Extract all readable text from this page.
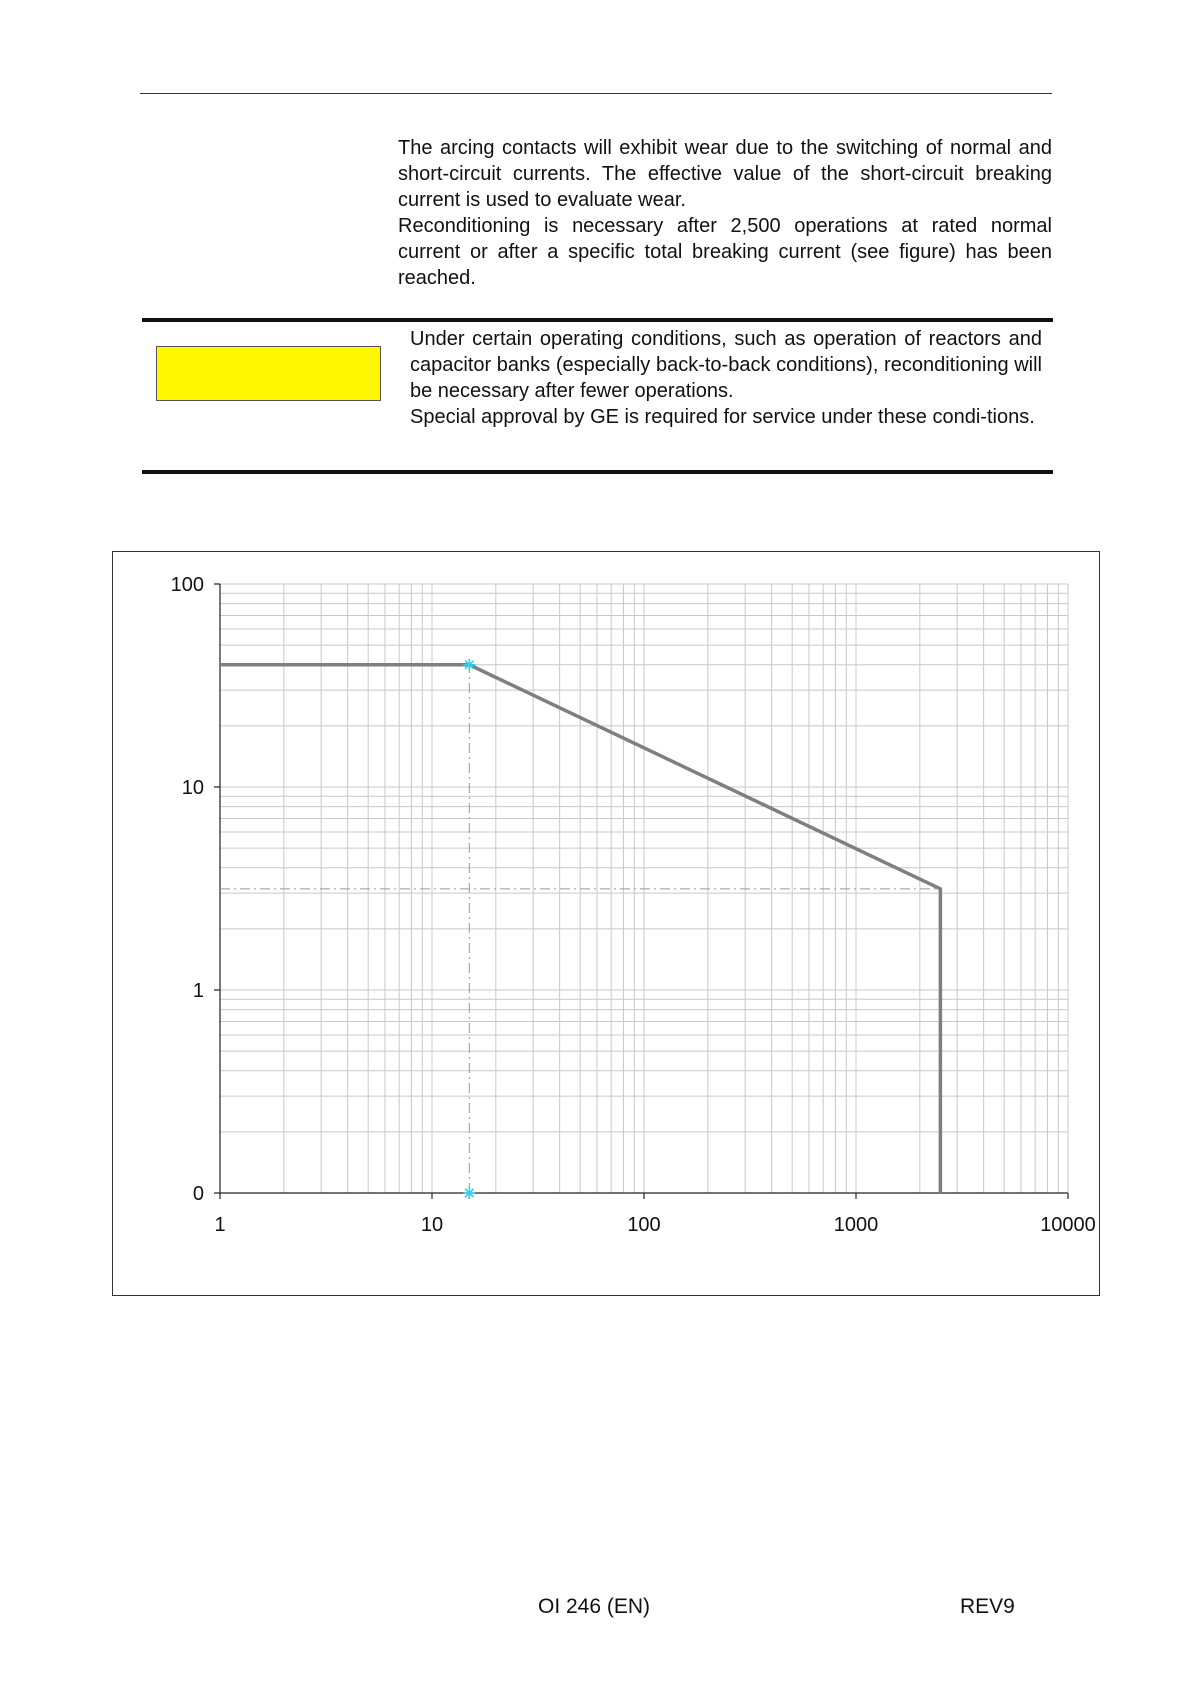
The arcing contacts will exhibit wear due to the switching of normal and short-circuit currents. The effective value of the short-circuit breaking current is used to evaluate wear.

Reconditioning is necessary after 2,500 operations at rated normal current or after a specific total breaking current (see figure) has been reached.

Under certain operating conditions, such as operation of reactors and capacitor banks (especially back-to-back conditions), reconditioning will be necessary after fewer operations.

Special approval by GE is required for service under these condi-tions.

1	10	100	1000	10000
0
1
10
100
OI 246 (EN)	REV9
